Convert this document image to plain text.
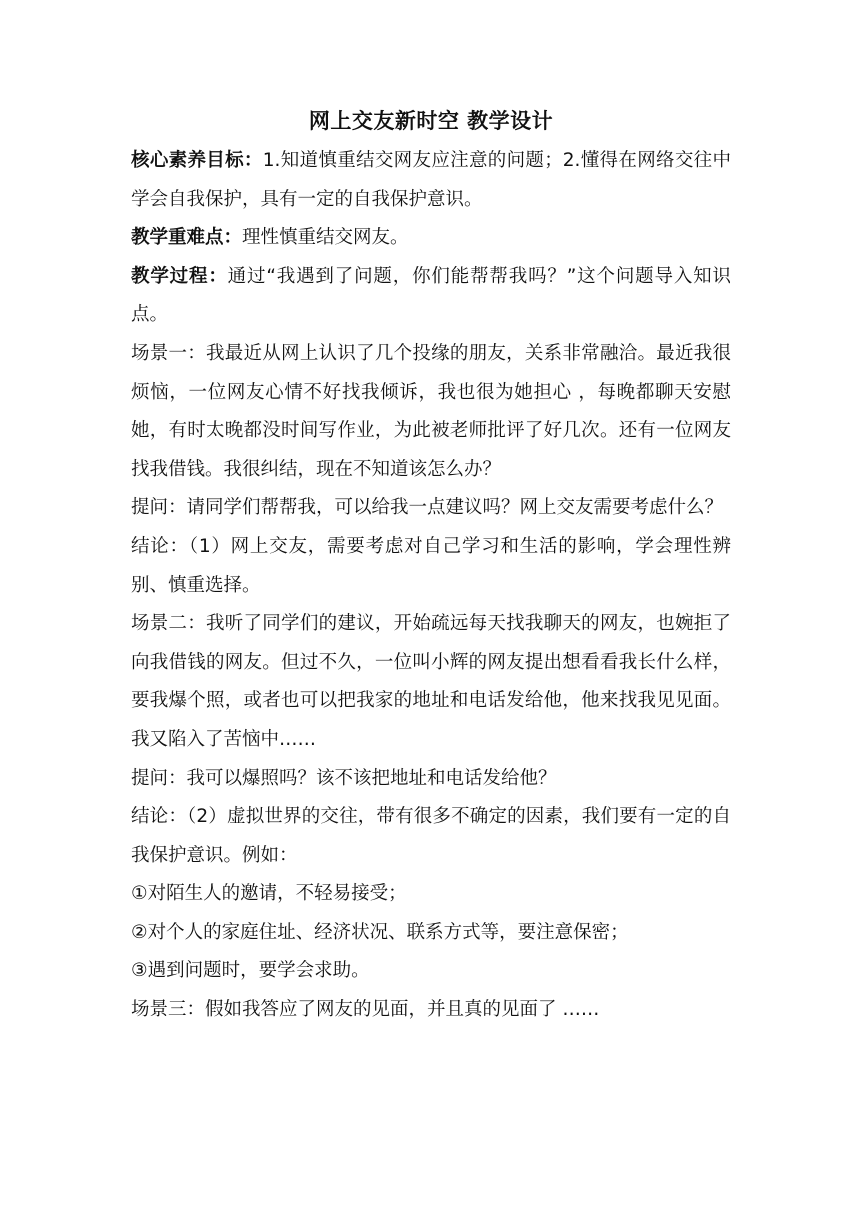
网上交友新时空 教学设计

核心素养目标：1.知道慎重结交网友应注意的问题；2.懂得在网络交往中学会自我保护，具有一定的自我保护意识。

教学重难点：理性慎重结交网友。

教学过程：通过“我遇到了问题，你们能帮帮我吗？”这个问题导入知识点。

场景一：我最近从网上认识了几个投缘的朋友，关系非常融洽。最近我很烦恼，一位网友心情不好找我倾诉，我也很为她担心 ，每晚都聊天安慰她，有时太晚都没时间写作业，为此被老师批评了好几次。还有一位网友找我借钱。我很纠结，现在不知道该怎么办？

提问：请同学们帮帮我，可以给我一点建议吗？网上交友需要考虑什么？

结论：（1）网上交友，需要考虑对自己学习和生活的影响，学会理性辨别、慎重选择。

场景二：我听了同学们的建议，开始疏远每天找我聊天的网友，也婉拒了向我借钱的网友。但过不久，一位叫小辉的网友提出想看看我长什么样，要我爆个照，或者也可以把我家的地址和电话发给他，他来找我见见面。我又陷入了苦恼中……

提问：我可以爆照吗？该不该把地址和电话发给他？

结论：（2）虚拟世界的交往，带有很多不确定的因素，我们要有一定的自我保护意识。例如：

①对陌生人的邀请，不轻易接受；

②对个人的家庭住址、经济状况、联系方式等，要注意保密；

③遇到问题时，要学会求助。

场景三：假如我答应了网友的见面，并且真的见面了 ……
